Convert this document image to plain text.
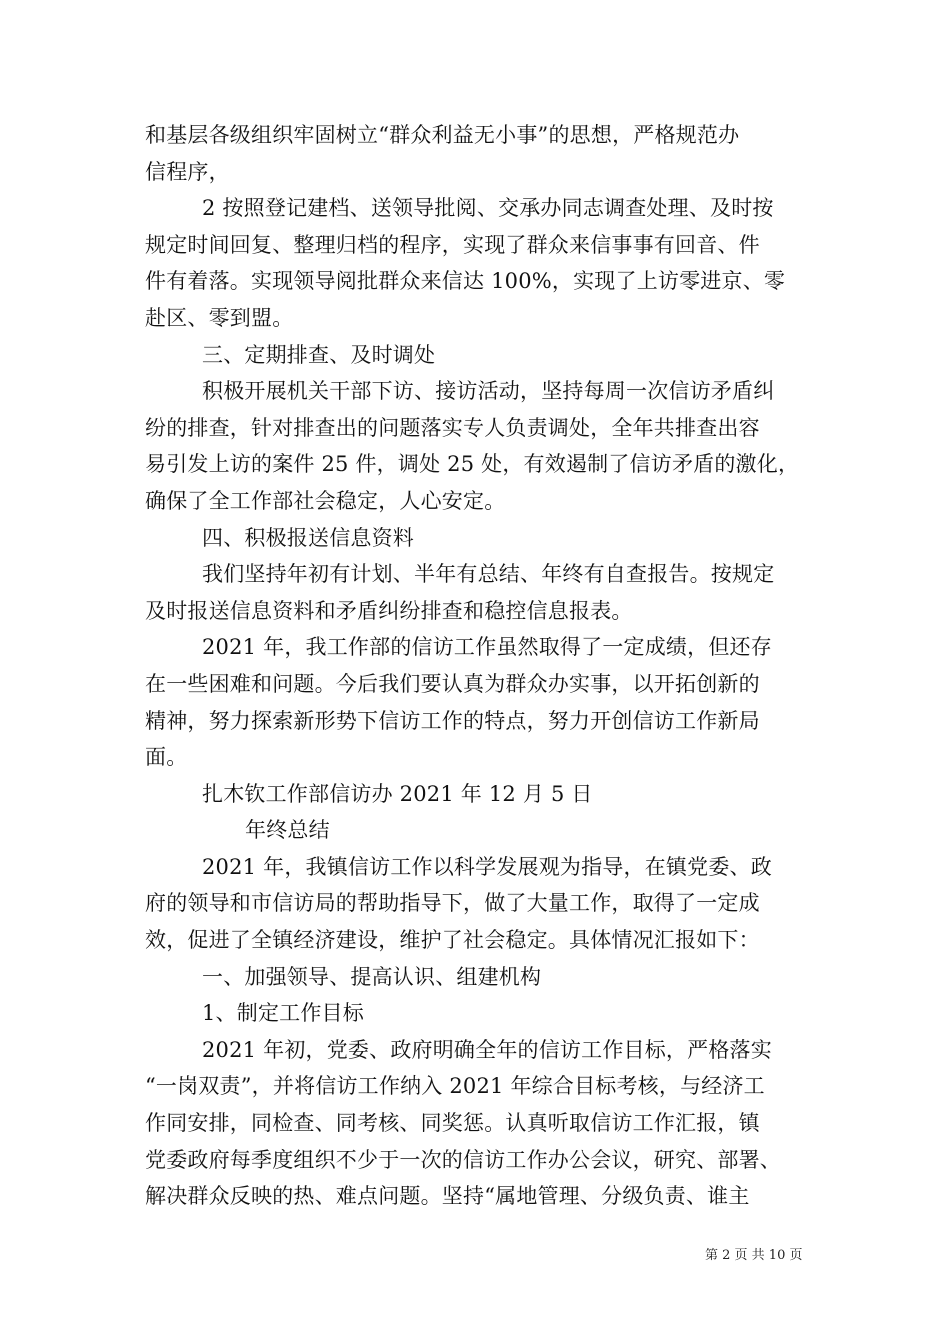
和基层各级组织牢固树立“群众利益无小事”的思想，严格规范办
信程序，
2 按照登记建档、送领导批阅、交承办同志调查处理、及时按
规定时间回复、整理归档的程序，实现了群众来信事事有回音、件
件有着落。实现领导阅批群众来信达 100%，实现了上访零进京、零
赴区、零到盟。
三、定期排查、及时调处
积极开展机关干部下访、接访活动，坚持每周一次信访矛盾纠
纷的排查，针对排查出的问题落实专人负责调处，全年共排查出容
易引发上访的案件 25 件，调处 25 处，有效遏制了信访矛盾的激化，
确保了全工作部社会稳定，人心安定。
四、积极报送信息资料
我们坚持年初有计划、半年有总结、年终有自查报告。按规定
及时报送信息资料和矛盾纠纷排查和稳控信息报表。
2021 年，我工作部的信访工作虽然取得了一定成绩，但还存
在一些困难和问题。今后我们要认真为群众办实事，以开拓创新的
精神，努力探索新形势下信访工作的特点，努力开创信访工作新局
面。
扎木钦工作部信访办 2021 年 12 月 5 日
年终总结
2021 年，我镇信访工作以科学发展观为指导，在镇党委、政
府的领导和市信访局的帮助指导下，做了大量工作，取得了一定成
效，促进了全镇经济建设，维护了社会稳定。具体情况汇报如下：
一、加强领导、提高认识、组建机构
1、制定工作目标
2021 年初，党委、政府明确全年的信访工作目标，严格落实
“一岗双责”，并将信访工作纳入 2021 年综合目标考核，与经济工
作同安排，同检查、同考核、同奖惩。认真听取信访工作汇报，镇
党委政府每季度组织不少于一次的信访工作办公会议，研究、部署、
解决群众反映的热、难点问题。坚持“属地管理、分级负责、谁主
第 2 页 共 10 页
